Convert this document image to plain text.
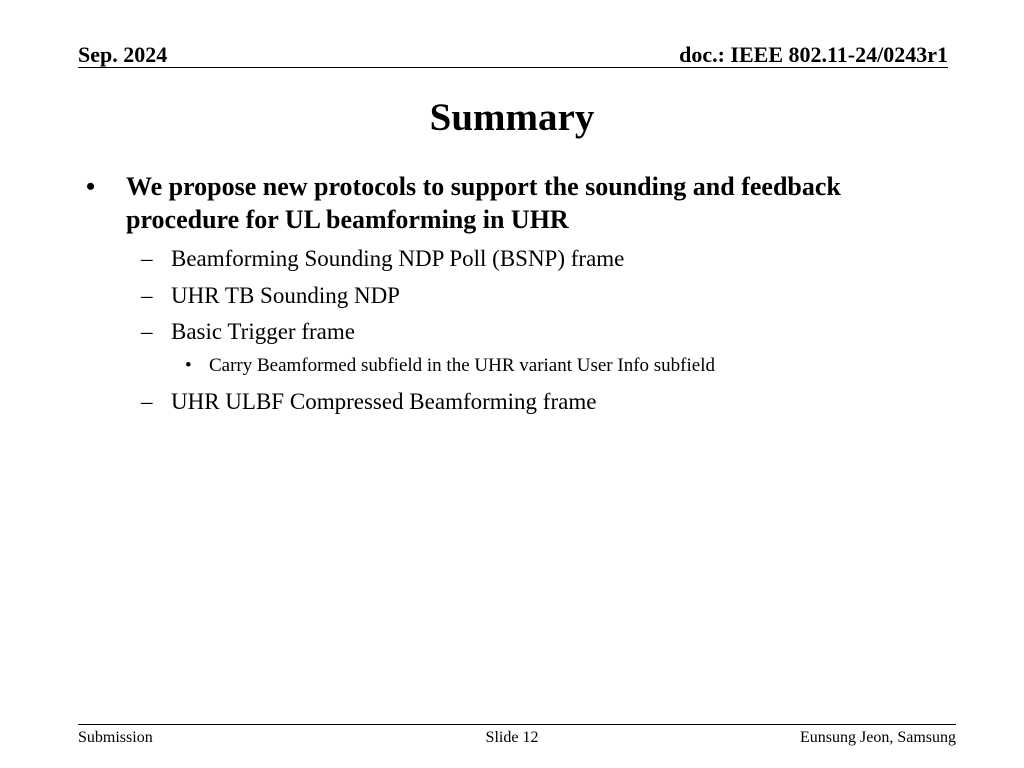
Sep. 2024	doc.: IEEE 802.11-24/0243r1
Summary
• We propose new protocols to support the sounding and feedback procedure for UL beamforming in UHR
– Beamforming Sounding NDP Poll (BSNP) frame
– UHR TB Sounding NDP
– Basic Trigger frame
• Carry Beamformed subfield in the UHR variant User Info subfield
– UHR ULBF Compressed Beamforming frame
Submission	Slide 12	Eunsung Jeon, Samsung
